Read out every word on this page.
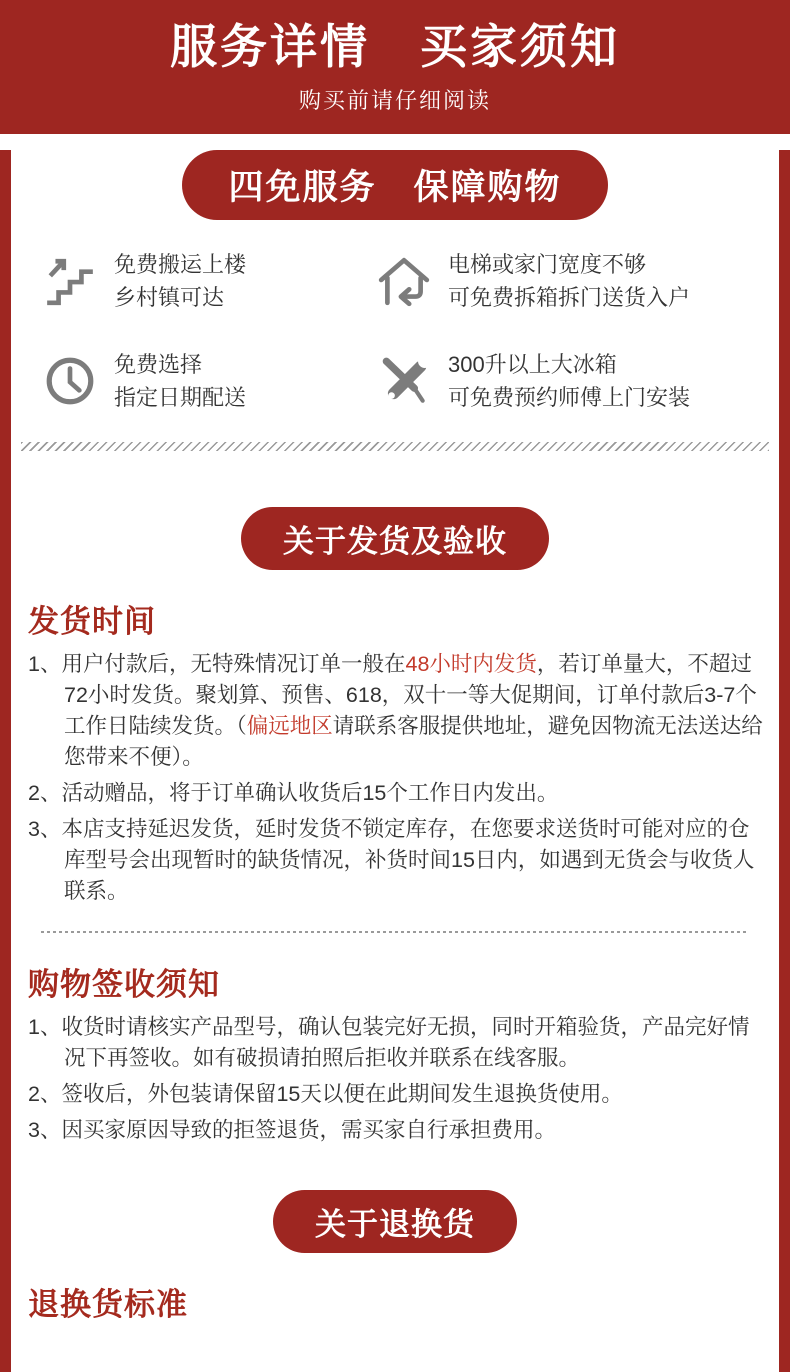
服务详情　买家须知
购买前请仔细阅读
四免服务　保障购物
免费搬运上楼
乡村镇可达
电梯或家门宽度不够
可免费拆箱拆门送货入户
免费选择
指定日期配送
300升以上大冰箱
可免费预约师傅上门安装
关于发货及验收
发货时间
1、用户付款后，无特殊情况订单一般在48小时内发货，若订单量大，不超过72小时发货。聚划算、预售、618，双十一等大促期间，订单付款后3-7个工作日陆续发货。（偏远地区请联系客服提供地址，避免因物流无法送达给您带来不便）。
2、活动赠品，将于订单确认收货后15个工作日内发出。
3、本店支持延迟发货，延时发货不锁定库存，在您要求送货时可能对应的仓库型号会出现暂时的缺货情况，补货时间15日内，如遇到无货会与收货人联系。
购物签收须知
1、收货时请核实产品型号，确认包装完好无损，同时开箱验货，产品完好情况下再签收。如有破损请拍照后拒收并联系在线客服。
2、签收后，外包装请保留15天以便在此期间发生退换货使用。
3、因买家原因导致的拒签退货，需买家自行承担费用。
关于退换货
退换货标准
